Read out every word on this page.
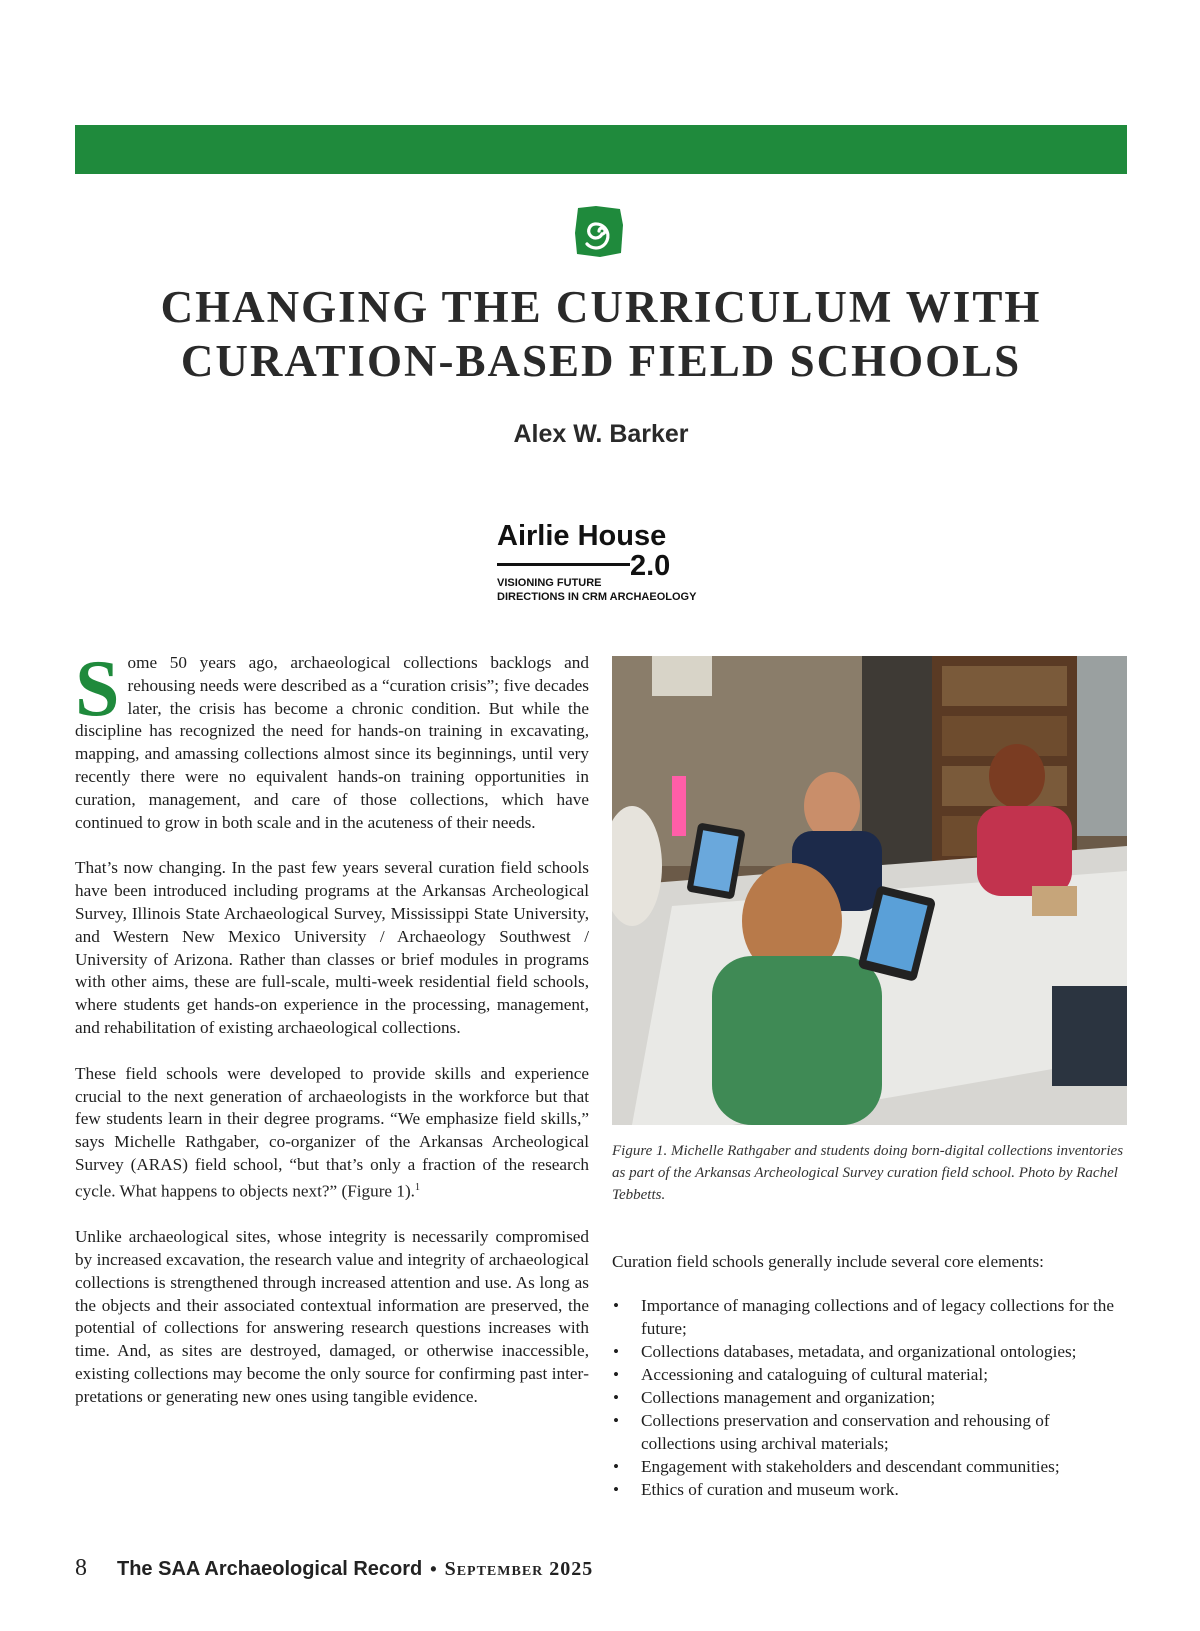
CHANGING THE CURRICULUM WITH
CURATION-BASED FIELD SCHOOLS
Alex W. Barker
Airlie House
2.0
VISIONING FUTURE
DIRECTIONS IN CRM ARCHAEOLOGY

Some 50 years ago, archaeological collections backlogs and rehousing needs were described as a “curation crisis”; five decades later, the crisis has become a chronic condition. But while the discipline has recognized the need for hands-on training in excavating, mapping, and amassing collections almost since its beginnings, until very recently there were no equivalent hands-on training opportunities in curation, management, and care of those collections, which have continued to grow in both scale and in the acuteness of their needs.

That’s now changing. In the past few years several curation field schools have been introduced including programs at the Arkansas Archeological Survey, Illinois State Archaeological Survey, Mississippi State University, and Western New Mexico University / Archaeology Southwest / University of Arizona. Rather than classes or brief modules in programs with other aims, these are full-scale, multi-week residential field schools, where students get hands-on experience in the processing, management, and rehabilitation of existing archaeological collections.

These field schools were developed to provide skills and experience crucial to the next generation of archaeologists in the workforce but that few students learn in their degree programs. “We emphasize field skills,” says Michelle Rathgaber, co-organizer of the Arkansas Archeological Survey (ARAS) field school, “but that’s only a fraction of the research cycle. What happens to objects next?” (Figure 1).$^1$

Unlike archaeological sites, whose integrity is necessarily compromised by increased excavation, the research value and integrity of archaeological collections is strengthened through increased attention and use. As long as the objects and their associated contextual information are preserved, the potential of collections for answering research questions increases with time. And, as sites are destroyed, damaged, or otherwise inaccessible, existing collections may become the only source for confirming past interpretations or generating new ones using tangible evidence.

Figure 1. Michelle Rathgaber and students doing born-digital collections inventories as part of the Arkansas Archeological Survey curation field school. Photo by Rachel Tebbetts.
Curation field schools generally include several core elements:
• Importance of managing collections and of legacy collections for the future;
• Collections databases, metadata, and organizational ontologies;
• Accessioning and cataloguing of cultural material;
• Collections management and organization;
• Collections preservation and conservation and rehousing of collections using archival materials;
• Engagement with stakeholders and descendant communities;
• Ethics of curation and museum work.
8 The SAA Archaeological Record • September 2025
